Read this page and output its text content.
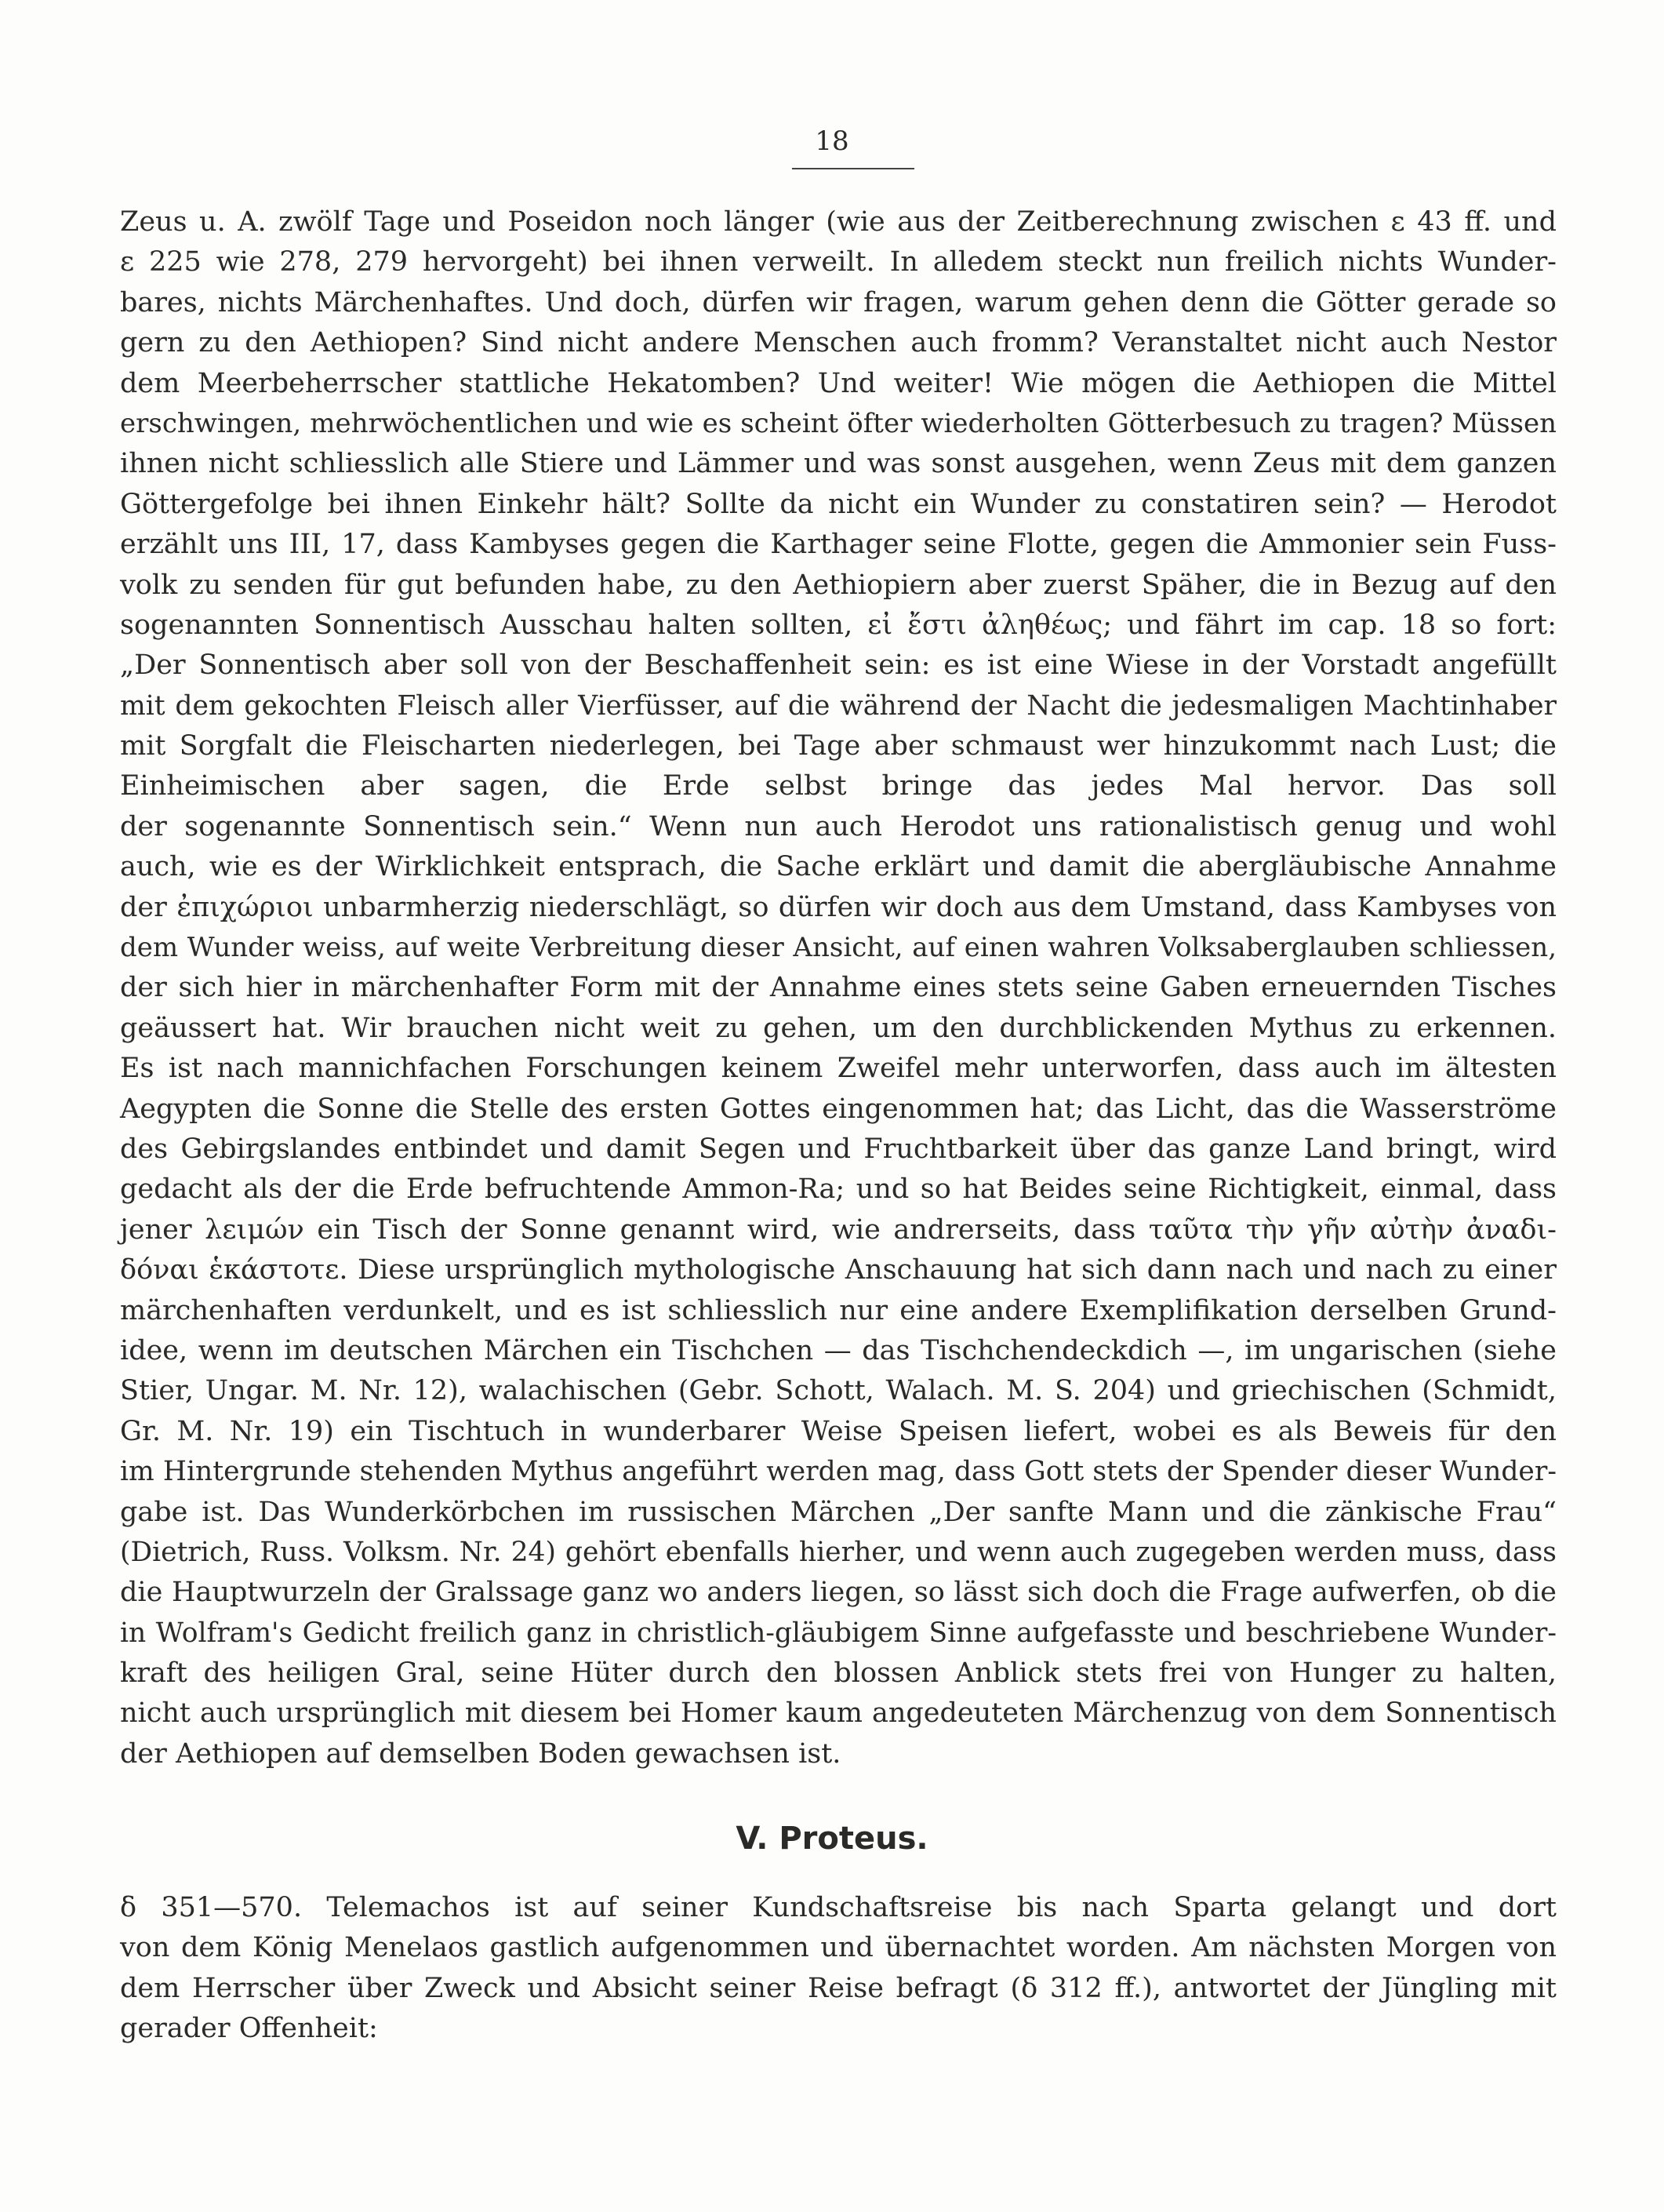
18
Zeus u. A. zwölf Tage und Poseidon noch länger (wie aus der Zeitberechnung zwischen ε 43 ff. und
ε 225 wie 278, 279 hervorgeht) bei ihnen verweilt. In alledem steckt nun freilich nichts Wunder-
bares, nichts Märchenhaftes. Und doch, dürfen wir fragen, warum gehen denn die Götter gerade so
gern zu den Aethiopen? Sind nicht andere Menschen auch fromm? Veranstaltet nicht auch Nestor
dem Meerbeherrscher stattliche Hekatomben? Und weiter! Wie mögen die Aethiopen die Mittel
erschwingen, mehrwöchentlichen und wie es scheint öfter wiederholten Götterbesuch zu tragen? Müssen
ihnen nicht schliesslich alle Stiere und Lämmer und was sonst ausgehen, wenn Zeus mit dem ganzen
Göttergefolge bei ihnen Einkehr hält? Sollte da nicht ein Wunder zu constatiren sein? — Herodot
erzählt uns III, 17, dass Kambyses gegen die Karthager seine Flotte, gegen die Ammonier sein Fuss-
volk zu senden für gut befunden habe, zu den Aethiopiern aber zuerst Späher, die in Bezug auf den
sogenannten Sonnentisch Ausschau halten sollten, εἰ ἔστι ἀληθέως; und fährt im cap. 18 so fort:
„Der Sonnentisch aber soll von der Beschaffenheit sein: es ist eine Wiese in der Vorstadt angefüllt
mit dem gekochten Fleisch aller Vierfüsser, auf die während der Nacht die jedesmaligen Machtinhaber
mit Sorgfalt die Fleischarten niederlegen, bei Tage aber schmaust wer hinzukommt nach Lust; die
Einheimischen aber sagen, die Erde selbst bringe das jedes Mal hervor. Das soll
der sogenannte Sonnentisch sein.“ Wenn nun auch Herodot uns rationalistisch genug und wohl
auch, wie es der Wirklichkeit entsprach, die Sache erklärt und damit die abergläubische Annahme
der ἐπιχώριοι unbarmherzig niederschlägt, so dürfen wir doch aus dem Umstand, dass Kambyses von
dem Wunder weiss, auf weite Verbreitung dieser Ansicht, auf einen wahren Volksaberglauben schliessen,
der sich hier in märchenhafter Form mit der Annahme eines stets seine Gaben erneuernden Tisches
geäussert hat. Wir brauchen nicht weit zu gehen, um den durchblickenden Mythus zu erkennen.
Es ist nach mannichfachen Forschungen keinem Zweifel mehr unterworfen, dass auch im ältesten
Aegypten die Sonne die Stelle des ersten Gottes eingenommen hat; das Licht, das die Wasserströme
des Gebirgslandes entbindet und damit Segen und Fruchtbarkeit über das ganze Land bringt, wird
gedacht als der die Erde befruchtende Ammon-Ra; und so hat Beides seine Richtigkeit, einmal, dass
jener λειμών ein Tisch der Sonne genannt wird, wie andrerseits, dass ταῦτα τὴν γῆν αὐτὴν ἀναδι-
δόναι ἑκάστοτε. Diese ursprünglich mythologische Anschauung hat sich dann nach und nach zu einer
märchenhaften verdunkelt, und es ist schliesslich nur eine andere Exemplifikation derselben Grund-
idee, wenn im deutschen Märchen ein Tischchen — das Tischchendeckdich —, im ungarischen (siehe
Stier, Ungar. M. Nr. 12), walachischen (Gebr. Schott, Walach. M. S. 204) und griechischen (Schmidt,
Gr. M. Nr. 19) ein Tischtuch in wunderbarer Weise Speisen liefert, wobei es als Beweis für den
im Hintergrunde stehenden Mythus angeführt werden mag, dass Gott stets der Spender dieser Wunder-
gabe ist. Das Wunderkörbchen im russischen Märchen „Der sanfte Mann und die zänkische Frau“
(Dietrich, Russ. Volksm. Nr. 24) gehört ebenfalls hierher, und wenn auch zugegeben werden muss, dass
die Hauptwurzeln der Gralssage ganz wo anders liegen, so lässt sich doch die Frage aufwerfen, ob die
in Wolfram's Gedicht freilich ganz in christlich-gläubigem Sinne aufgefasste und beschriebene Wunder-
kraft des heiligen Gral, seine Hüter durch den blossen Anblick stets frei von Hunger zu halten,
nicht auch ursprünglich mit diesem bei Homer kaum angedeuteten Märchenzug von dem Sonnentisch
der Aethiopen auf demselben Boden gewachsen ist.
V. Proteus.
δ 351—570. Telemachos ist auf seiner Kundschaftsreise bis nach Sparta gelangt und dort
von dem König Menelaos gastlich aufgenommen und übernachtet worden. Am nächsten Morgen von
dem Herrscher über Zweck und Absicht seiner Reise befragt (δ 312 ff.), antwortet der Jüngling mit
gerader Offenheit:
